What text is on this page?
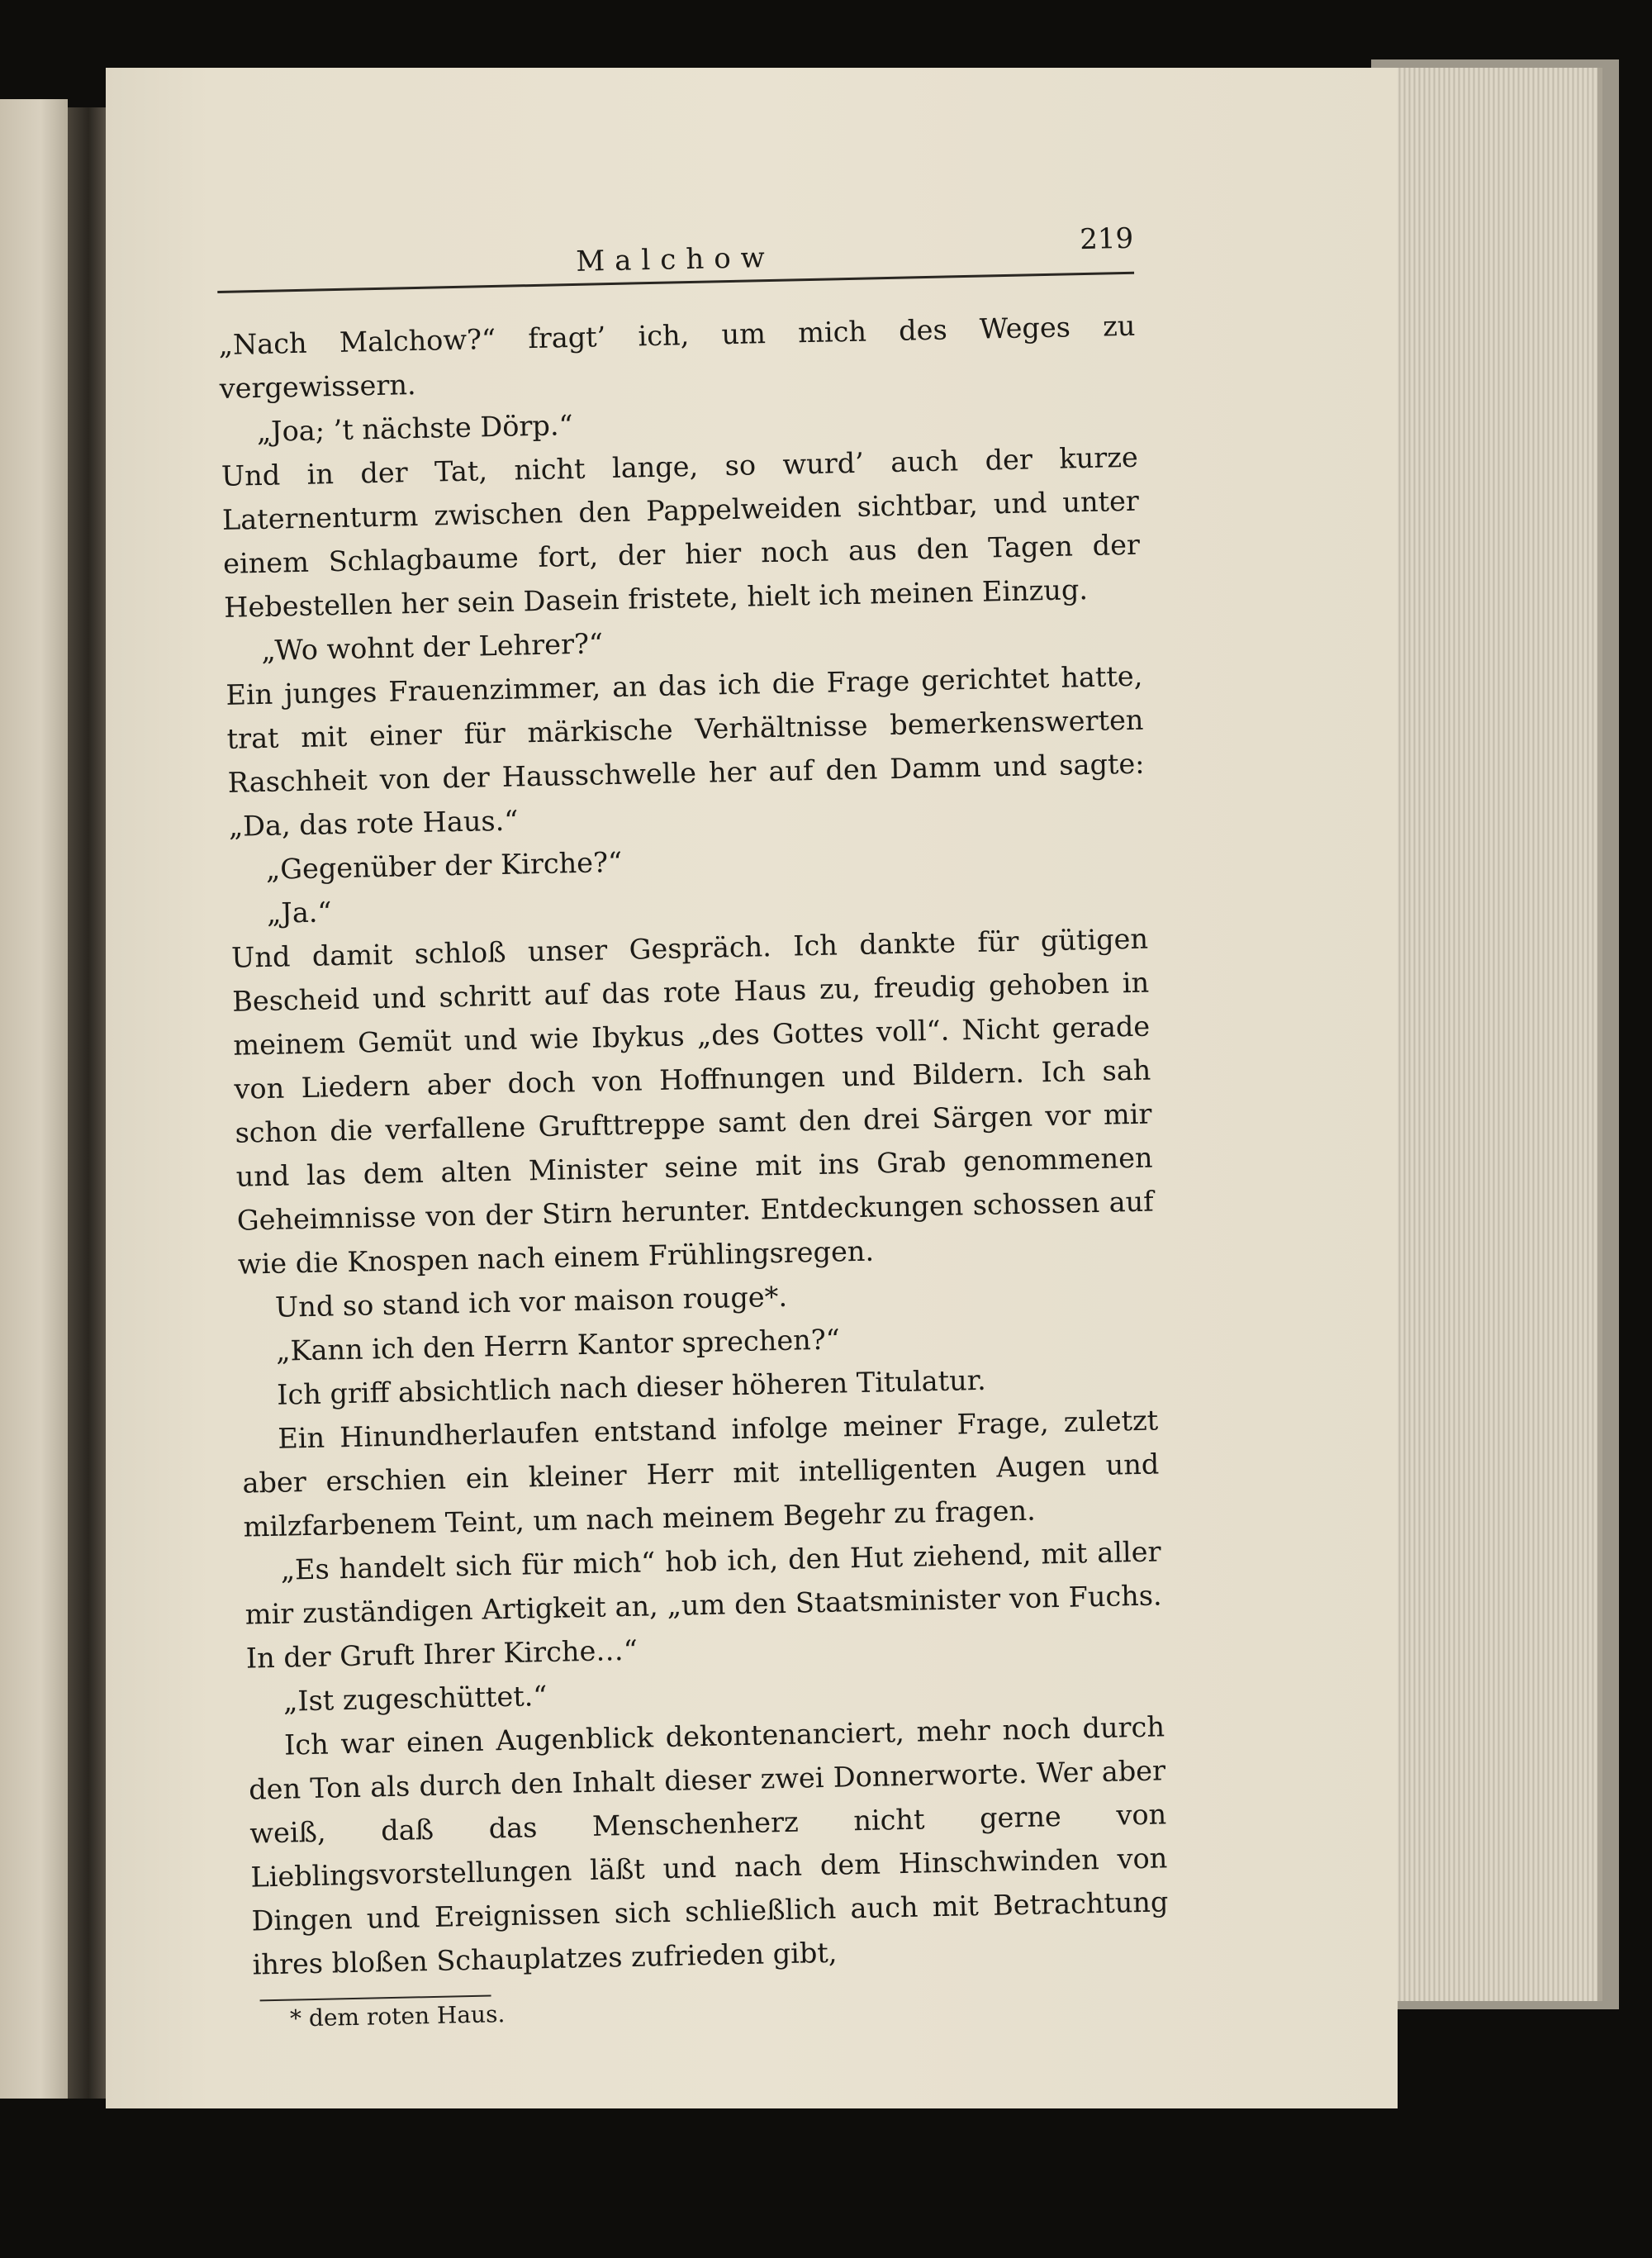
Malchow
219

„Nach Malchow?“ fragt’ ich, um mich des Weges zu vergewissern.

„Joa; ’t nächste Dörp.“

Und in der Tat, nicht lange, so wurd’ auch der kurze Laternenturm zwischen den Pappelweiden sichtbar, und unter einem Schlagbaume fort, der hier noch aus den Tagen der Hebestellen her sein Dasein fristete, hielt ich meinen Einzug.

„Wo wohnt der Lehrer?“

Ein junges Frauenzimmer, an das ich die Frage gerichtet hatte, trat mit einer für märkische Verhältnisse bemerkenswerten Raschheit von der Hausschwelle her auf den Damm und sagte: „Da, das rote Haus.“

„Gegenüber der Kirche?“

„Ja.“

Und damit schloß unser Gespräch. Ich dankte für gütigen Bescheid und schritt auf das rote Haus zu, freudig gehoben in meinem Gemüt und wie Ibykus „des Gottes voll“. Nicht gerade von Liedern aber doch von Hoffnungen und Bildern. Ich sah schon die verfallene Grufttreppe samt den drei Särgen vor mir und las dem alten Minister seine mit ins Grab genommenen Geheimnisse von der Stirn herunter. Entdeckungen schossen auf wie die Knospen nach einem Frühlingsregen.

Und so stand ich vor maison rouge*.

„Kann ich den Herrn Kantor sprechen?“

Ich griff absichtlich nach dieser höheren Titulatur.

Ein Hinundherlaufen entstand infolge meiner Frage, zuletzt aber erschien ein kleiner Herr mit intelligenten Augen und milzfarbenem Teint, um nach meinem Begehr zu fragen.

„Es handelt sich für mich“ hob ich, den Hut ziehend, mit aller mir zuständigen Artigkeit an, „um den Staatsminister von Fuchs. In der Gruft Ihrer Kirche…“

„Ist zugeschüttet.“

Ich war einen Augenblick dekontenanciert, mehr noch durch den Ton als durch den Inhalt dieser zwei Donnerworte. Wer aber weiß, daß das Menschenherz nicht gerne von Lieblingsvorstellungen läßt und nach dem Hinschwinden von Dingen und Ereignissen sich schließlich auch mit Betrachtung ihres bloßen Schauplatzes zufrieden gibt,

* dem roten Haus.
